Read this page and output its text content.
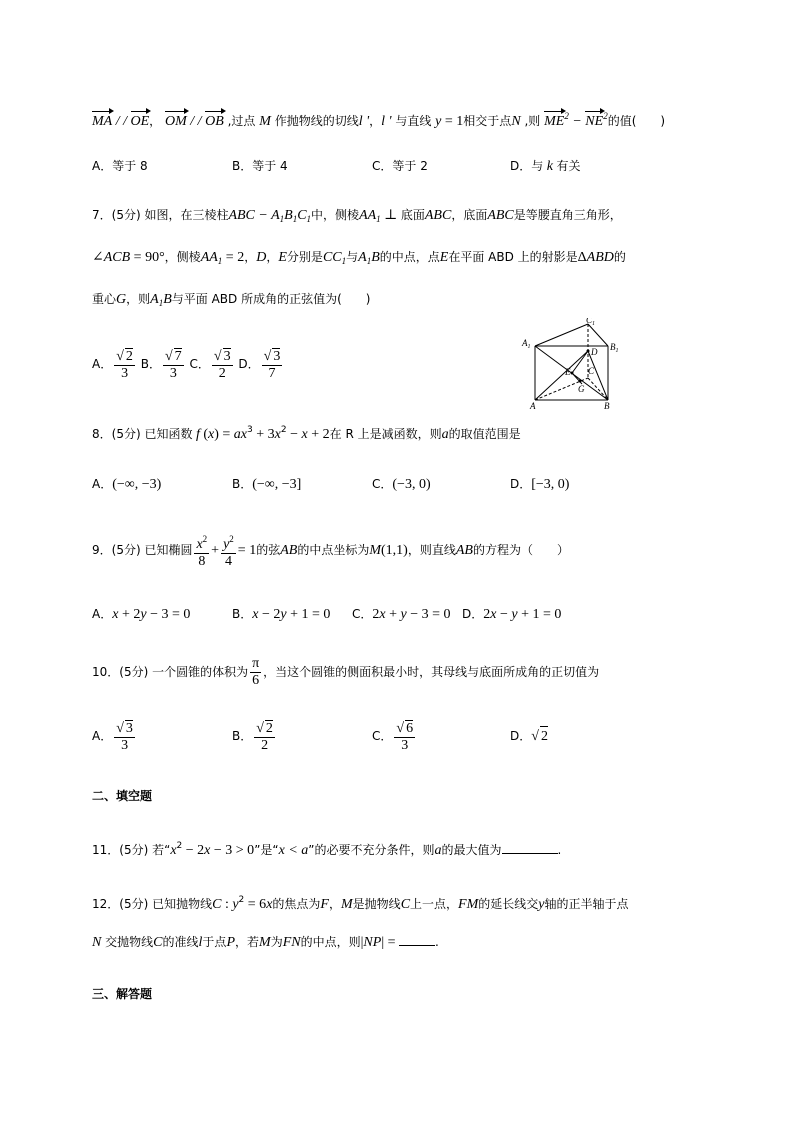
MA / / OE， OM / / OB ,过点 M 作抛物线的切线l '，l ' 与直线 y = 1相交于点N ,则 $ME^2 - NE^2$的值(　　)
A．等于 8	B．等于 4	C．等于 2	D．与 k 有关
7．(5分) 如图，在三棱柱ABC − $A_1B_1C_1$中，侧棱$AA_1$ ⊥ 底面ABC，底面ABC是等腰直角三角形，
∠ACB = 90°，侧棱$AA_1 = 2$，D，E分别是$CC_1$与$A_1B$的中点，点E在平面 ABD 上的射影是ΔABD的
重心G，则$A_1B$与平面 ABD 所成角的正弦值为(　　)
A． $\frac{√ 2}{3}$ B． $\frac{√ 7}{3}$ C． $\frac{√ 3}{2}$ D． $\frac{√ 3}{7}$
$A_1$	$B_1$
$C_1$
A	B
C
D
E
G
8．(5分) 已知函数 f $(x) = ax^3 + 3x^2 - x + 2$在 R 上是减函数，则a的取值范围是
A．(−∞, −3)	B．(−∞, −3]	C．(−3, 0)	D．[−3, 0)
9．(5分) 已知椭圆 $\frac{x^2}{8} + \frac{y^2}{4} = 1$的弦AB的中点坐标为M(1,1)，则直线AB的方程为（　　）
A．x + 2y − 3 = 0	B．x − 2y + 1 = 0 C．2x + y − 3 = 0 D．2x − y + 1 = 0
10．(5分) 一个圆锥的体积为 $\frac{\pi}{6}$ ，当这个圆锥的侧面积最小时，其母线与底面所成角的正切值为
A． $\frac{√ 3}{3}$	B． $\frac{√ 2}{2}$	C． $\frac{√ 6}{3}$	D．√ 2
二、填空题
11．(5分) 若“$x^2 - 2x - 3 > 0$”是“x < a”的必要不充分条件，则a的最大值为	.
12．(5分) 已知抛物线C : $y^2 = 6x$的焦点为F，M是抛物线C上一点，FM的延长线交y轴的正半轴于点
N 交抛物线C的准线l于点P，若M为FN的中点，则|NP| =	.
三、解答题
